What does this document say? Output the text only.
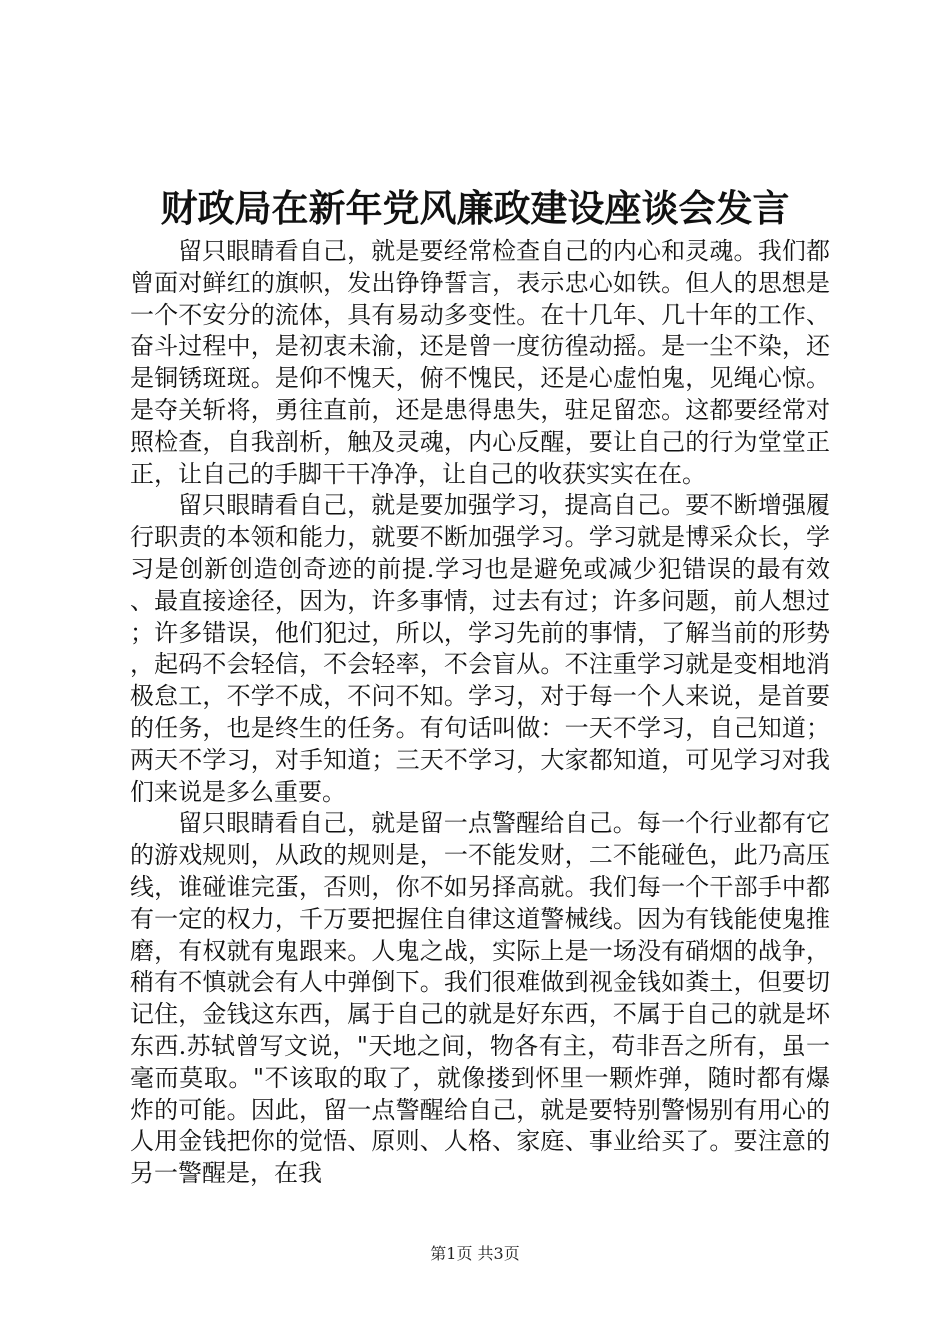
财政局在新年党风廉政建设座谈会发言

留只眼睛看自己，就是要经常检查自己的内心和灵魂。我们都曾面对鲜红的旗帜，发出铮铮誓言，表示忠心如铁。但人的思想是一个不安分的流体，具有易动多变性。在十几年、几十年的工作、奋斗过程中，是初衷未渝，还是曾一度彷徨动摇。是一尘不染，还是铜锈斑斑。是仰不愧天，俯不愧民，还是心虚怕鬼，见绳心惊。是夺关斩将，勇往直前，还是患得患失，驻足留恋。这都要经常对照检查，自我剖析，触及灵魂，内心反醒，要让自己的行为堂堂正正，让自己的手脚干干净净，让自己的收获实实在在。

留只眼睛看自己，就是要加强学习，提高自己。要不断增强履行职责的本领和能力，就要不断加强学习。学习就是博采众长，学习是创新创造创奇迹的前提.学习也是避免或减少犯错误的最有效、最直接途径，因为，许多事情，过去有过；许多问题，前人想过；许多错误，他们犯过，所以，学习先前的事情，了解当前的形势，起码不会轻信，不会轻率，不会盲从。不注重学习就是变相地消极怠工，不学不成，不问不知。学习，对于每一个人来说，是首要的任务，也是终生的任务。有句话叫做：一天不学习，自己知道；两天不学习，对手知道；三天不学习，大家都知道，可见学习对我们来说是多么重要。

留只眼睛看自己，就是留一点警醒给自己。每一个行业都有它的游戏规则，从政的规则是，一不能发财，二不能碰色，此乃高压线，谁碰谁完蛋，否则，你不如另择高就。我们每一个干部手中都有一定的权力，千万要把握住自律这道警械线。因为有钱能使鬼推磨，有权就有鬼跟来。人鬼之战，实际上是一场没有硝烟的战争，稍有不慎就会有人中弹倒下。我们很难做到视金钱如粪土，但要切记住，金钱这东西，属于自己的就是好东西，不属于自己的就是坏东西.苏轼曾写文说，"天地之间，物各有主，苟非吾之所有，虽一毫而莫取。"不该取的取了，就像搂到怀里一颗炸弹，随时都有爆炸的可能。因此，留一点警醒给自己，就是要特别警惕别有用心的人用金钱把你的觉悟、原则、人格、家庭、事业给买了。要注意的另一警醒是，在我

第1页 共3页
